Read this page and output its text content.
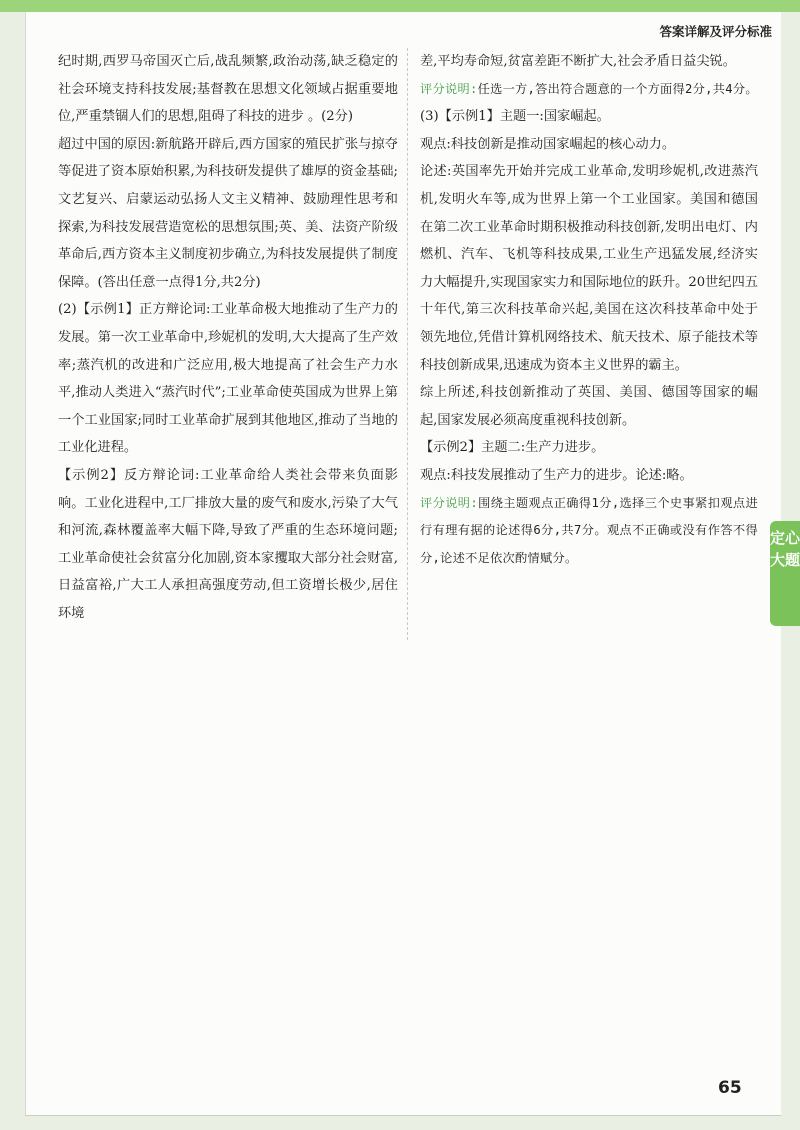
答案详解及评分标准

纪时期,西罗马帝国灭亡后,战乱频繁,政治动荡,缺乏稳定的社会环境支持科技发展;基督教在思想文化领域占据重要地位,严重禁锢人们的思想,阻碍了科技的进步 。(2分)

超过中国的原因:新航路开辟后,西方国家的殖民扩张与掠夺等促进了资本原始积累,为科技研发提供了雄厚的资金基础;文艺复兴、启蒙运动弘扬人文主义精神、鼓励理性思考和探索,为科技发展营造宽松的思想氛围;英、美、法资产阶级革命后,西方资本主义制度初步确立,为科技发展提供了制度保障。(答出任意一点得1分,共2分)

(2)【示例1】正方辩论词:工业革命极大地推动了生产力的发展。第一次工业革命中,珍妮机的发明,大大提高了生产效率;蒸汽机的改进和广泛应用,极大地提高了社会生产力水平,推动人类进入“蒸汽时代”;工业革命使英国成为世界上第一个工业国家;同时工业革命扩展到其他地区,推动了当地的工业化进程。

【示例2】反方辩论词:工业革命给人类社会带来负面影响。工业化进程中,工厂排放大量的废气和废水,污染了大气和河流,森林覆盖率大幅下降,导致了严重的生态环境问题;工业革命使社会贫富分化加剧,资本家攫取大部分社会财富,日益富裕,广大工人承担高强度劳动,但工资增长极少,居住环境

差,平均寿命短,贫富差距不断扩大,社会矛盾日益尖锐。

评分说明:任选一方,答出符合题意的一个方面得2分,共4分。

(3)【示例1】主题一:国家崛起。

观点:科技创新是推动国家崛起的核心动力。

论述:英国率先开始并完成工业革命,发明珍妮机,改进蒸汽机,发明火车等,成为世界上第一个工业国家。美国和德国在第二次工业革命时期积极推动科技创新,发明出电灯、内燃机、汽车、飞机等科技成果,工业生产迅猛发展,经济实力大幅提升,实现国家实力和国际地位的跃升。20世纪四五十年代,第三次科技革命兴起,美国在这次科技革命中处于领先地位,凭借计算机网络技术、航天技术、原子能技术等科技创新成果,迅速成为资本主义世界的霸主。

综上所述,科技创新推动了英国、美国、德国等国家的崛起,国家发展必须高度重视科技创新。

【示例2】主题二:生产力进步。

观点:科技发展推动了生产力的进步。论述:略。

评分说明:围绕主题观点正确得1分,选择三个史事紧扣观点进行有理有据的论述得6分,共7分。观点不正确或没有作答不得分,论述不足依次酌情赋分。

定心大题
65
